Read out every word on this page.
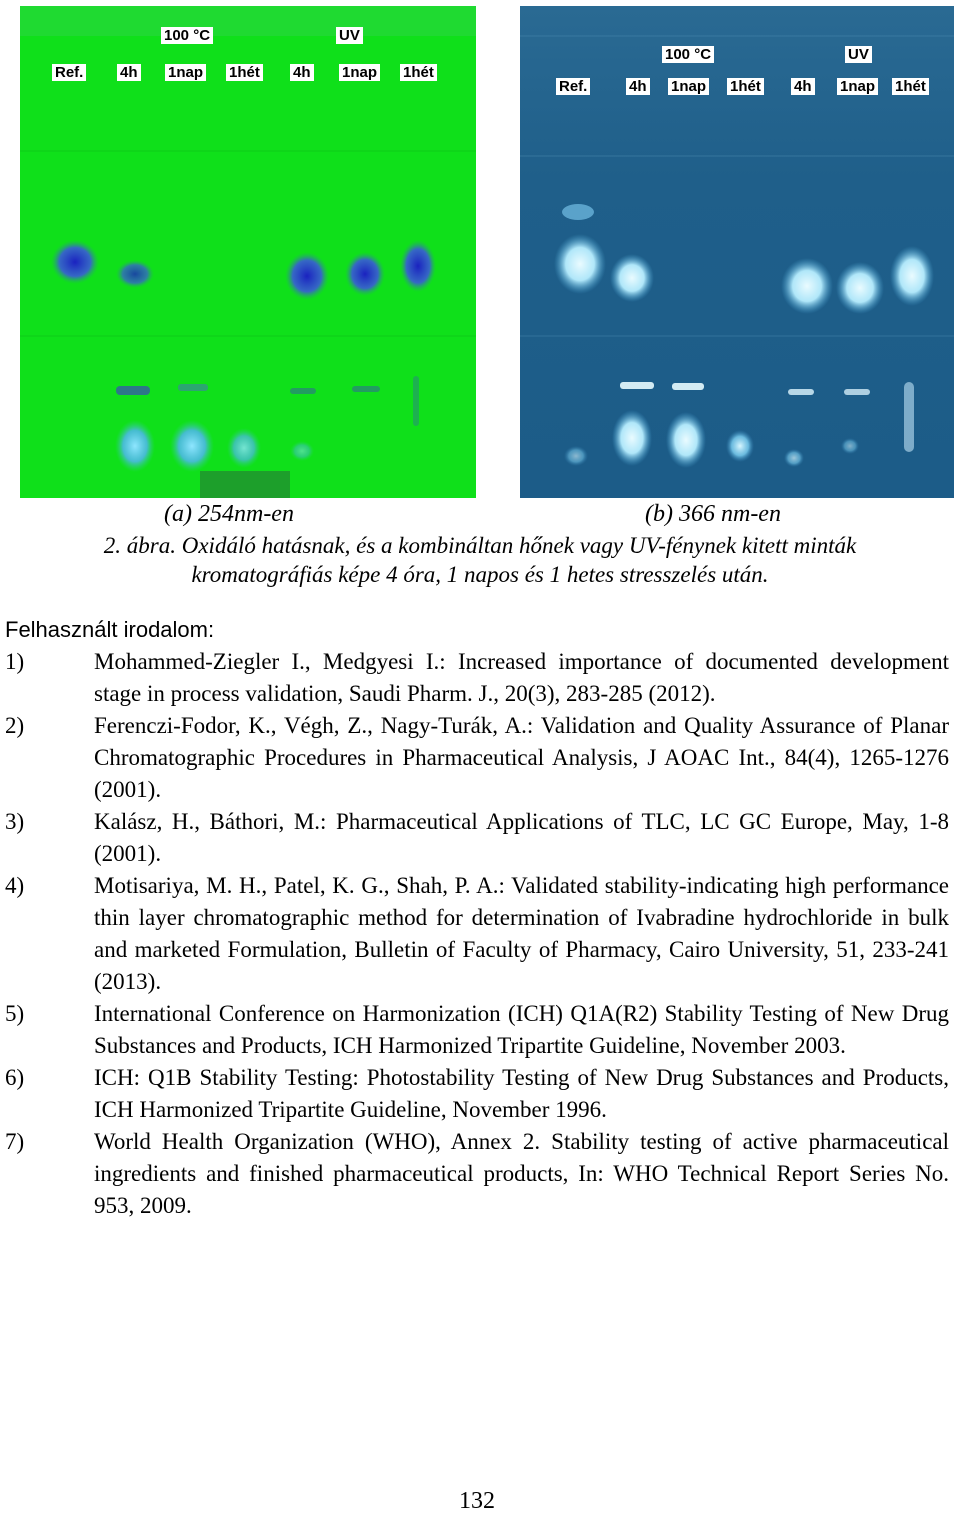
100 °C	UV
Ref. 4h 1nap 1hét 4h 1nap 1hét
100 °C	UV
Ref.	4h 1nap 1hét 4h 1nap 1hét
(a) 254nm-en	(b) 366 nm-en
2. ábra. Oxidáló hatásnak, és a kombináltan hőnek vagy UV-fénynek kitett minták
kromatográfiás képe 4 óra, 1 napos és 1 hetes stresszelés után.
Felhasznált irodalom:
1)	Mohammed-Ziegler I., Medgyesi I.: Increased importance of documented development stage in process validation, Saudi Pharm. J., 20(3), 283-285 (2012).
2)	Ferenczi-Fodor, K., Végh, Z., Nagy-Turák, A.: Validation and Quality Assurance of Planar Chromatographic Procedures in Pharmaceutical Analysis, J AOAC Int., 84(4), 1265-1276 (2001).
3)	Kalász, H., Báthori, M.: Pharmaceutical Applications of TLC, LC GC Europe, May, 1-8 (2001).
4)	Motisariya, M. H., Patel, K. G., Shah, P. A.: Validated stability-indicating high performance thin layer chromatographic method for determination of Ivabradine hydrochloride in bulk and marketed Formulation, Bulletin of Faculty of Pharmacy, Cairo University, 51, 233-241 (2013).
5)	International Conference on Harmonization (ICH) Q1A(R2) Stability Testing of New Drug Substances and Products, ICH Harmonized Tripartite Guideline, November 2003.
6)	ICH: Q1B Stability Testing: Photostability Testing of New Drug Substances and Products, ICH Harmonized Tripartite Guideline, November 1996.
7)	World Health Organization (WHO), Annex 2. Stability testing of active pharmaceutical ingredients and finished pharmaceutical products, In: WHO Technical Report Series No. 953, 2009.
132
